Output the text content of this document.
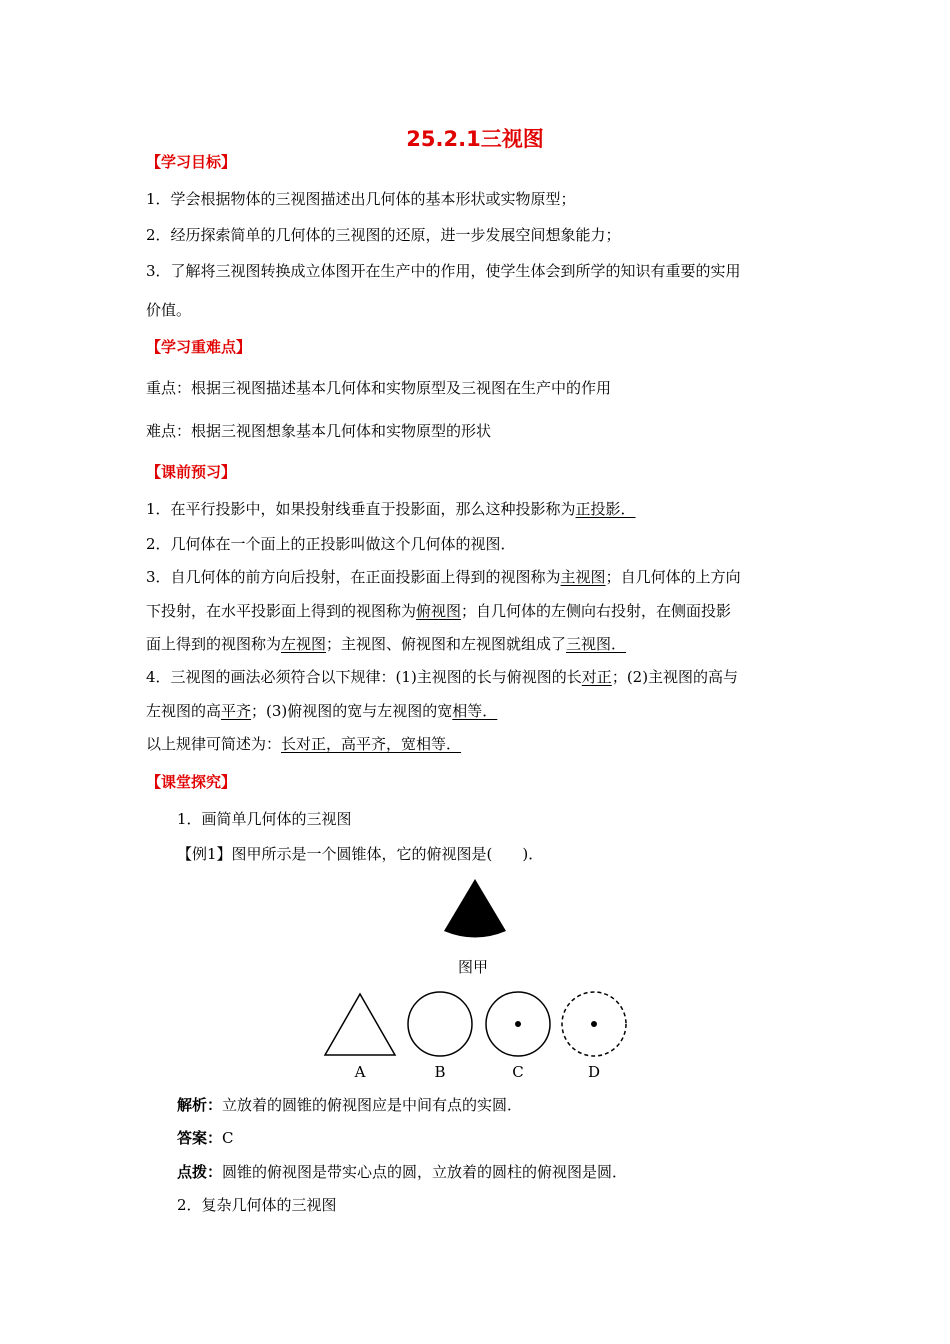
25.2.1三视图
【学习目标】
1．学会根据物体的三视图描述出几何体的基本形状或实物原型；
2．经历探索简单的几何体的三视图的还原，进一步发展空间想象能力；
3．了解将三视图转换成立体图开在生产中的作用，使学生体会到所学的知识有重要的实用
价值。
【学习重难点】
重点：根据三视图描述基本几何体和实物原型及三视图在生产中的作用
难点：根据三视图想象基本几何体和实物原型的形状
【课前预习】
1．在平行投影中，如果投射线垂直于投影面，那么这种投影称为正投影．
2．几何体在一个面上的正投影叫做这个几何体的视图．
3．自几何体的前方向后投射，在正面投影面上得到的视图称为主视图；自几何体的上方向
下投射，在水平投影面上得到的视图称为俯视图；自几何体的左侧向右投射，在侧面投影
面上得到的视图称为左视图；主视图、俯视图和左视图就组成了三视图．
4．三视图的画法必须符合以下规律：(1)主视图的长与俯视图的长对正；(2)主视图的高与
左视图的高平齐；(3)俯视图的宽与左视图的宽相等．
以上规律可简述为：长对正，高平齐，宽相等．
【课堂探究】
1．画简单几何体的三视图
【例1】图甲所示是一个圆锥体，它的俯视图是(　　)．
图甲
A	B	C	D
解析：立放着的圆锥的俯视图应是中间有点的实圆．
答案：C
点拨：圆锥的俯视图是带实心点的圆，立放着的圆柱的俯视图是圆．
2．复杂几何体的三视图
